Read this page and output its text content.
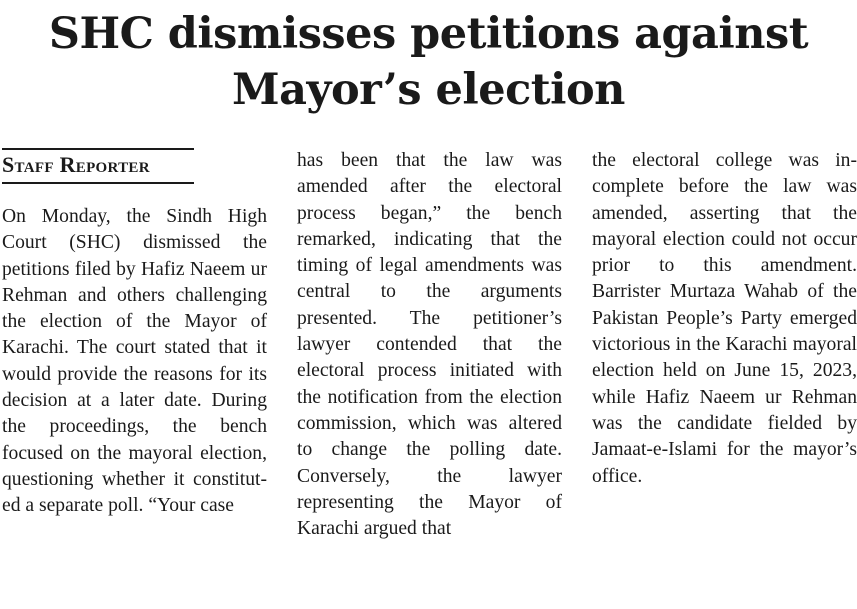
SHC dismisses petitions against
Mayor’s election
Staff Reporter

On Monday, the Sindh High Court (SHC) dismissed the petitions filed by Hafiz Naeem ur Rehman and others challenging the election of the Mayor of Karachi. The court stated that it would provide the reasons for its decision at a later date. During the proceedings, the bench focused on the mayoral election, questioning whether it constituted a separate poll. “Your case

has been that the law was amended after the electoral process began,” the bench remarked, indicating that the timing of legal amendments was central to the arguments presented. The petitioner’s lawyer contended that the electoral process initiated with the notification from the election commission, which was altered to change the polling date. Conversely, the lawyer representing the Mayor of Karachi argued that

the electoral college was incomplete before the law was amended, asserting that the mayoral election could not occur prior to this amendment. Barrister Murtaza Wahab of the Pakistan People’s Party emerged victorious in the Karachi mayoral election held on June 15, 2023, while Hafiz Naeem ur Rehman was the candidate fielded by Jamaat-e-Islami for the mayor’s office.
